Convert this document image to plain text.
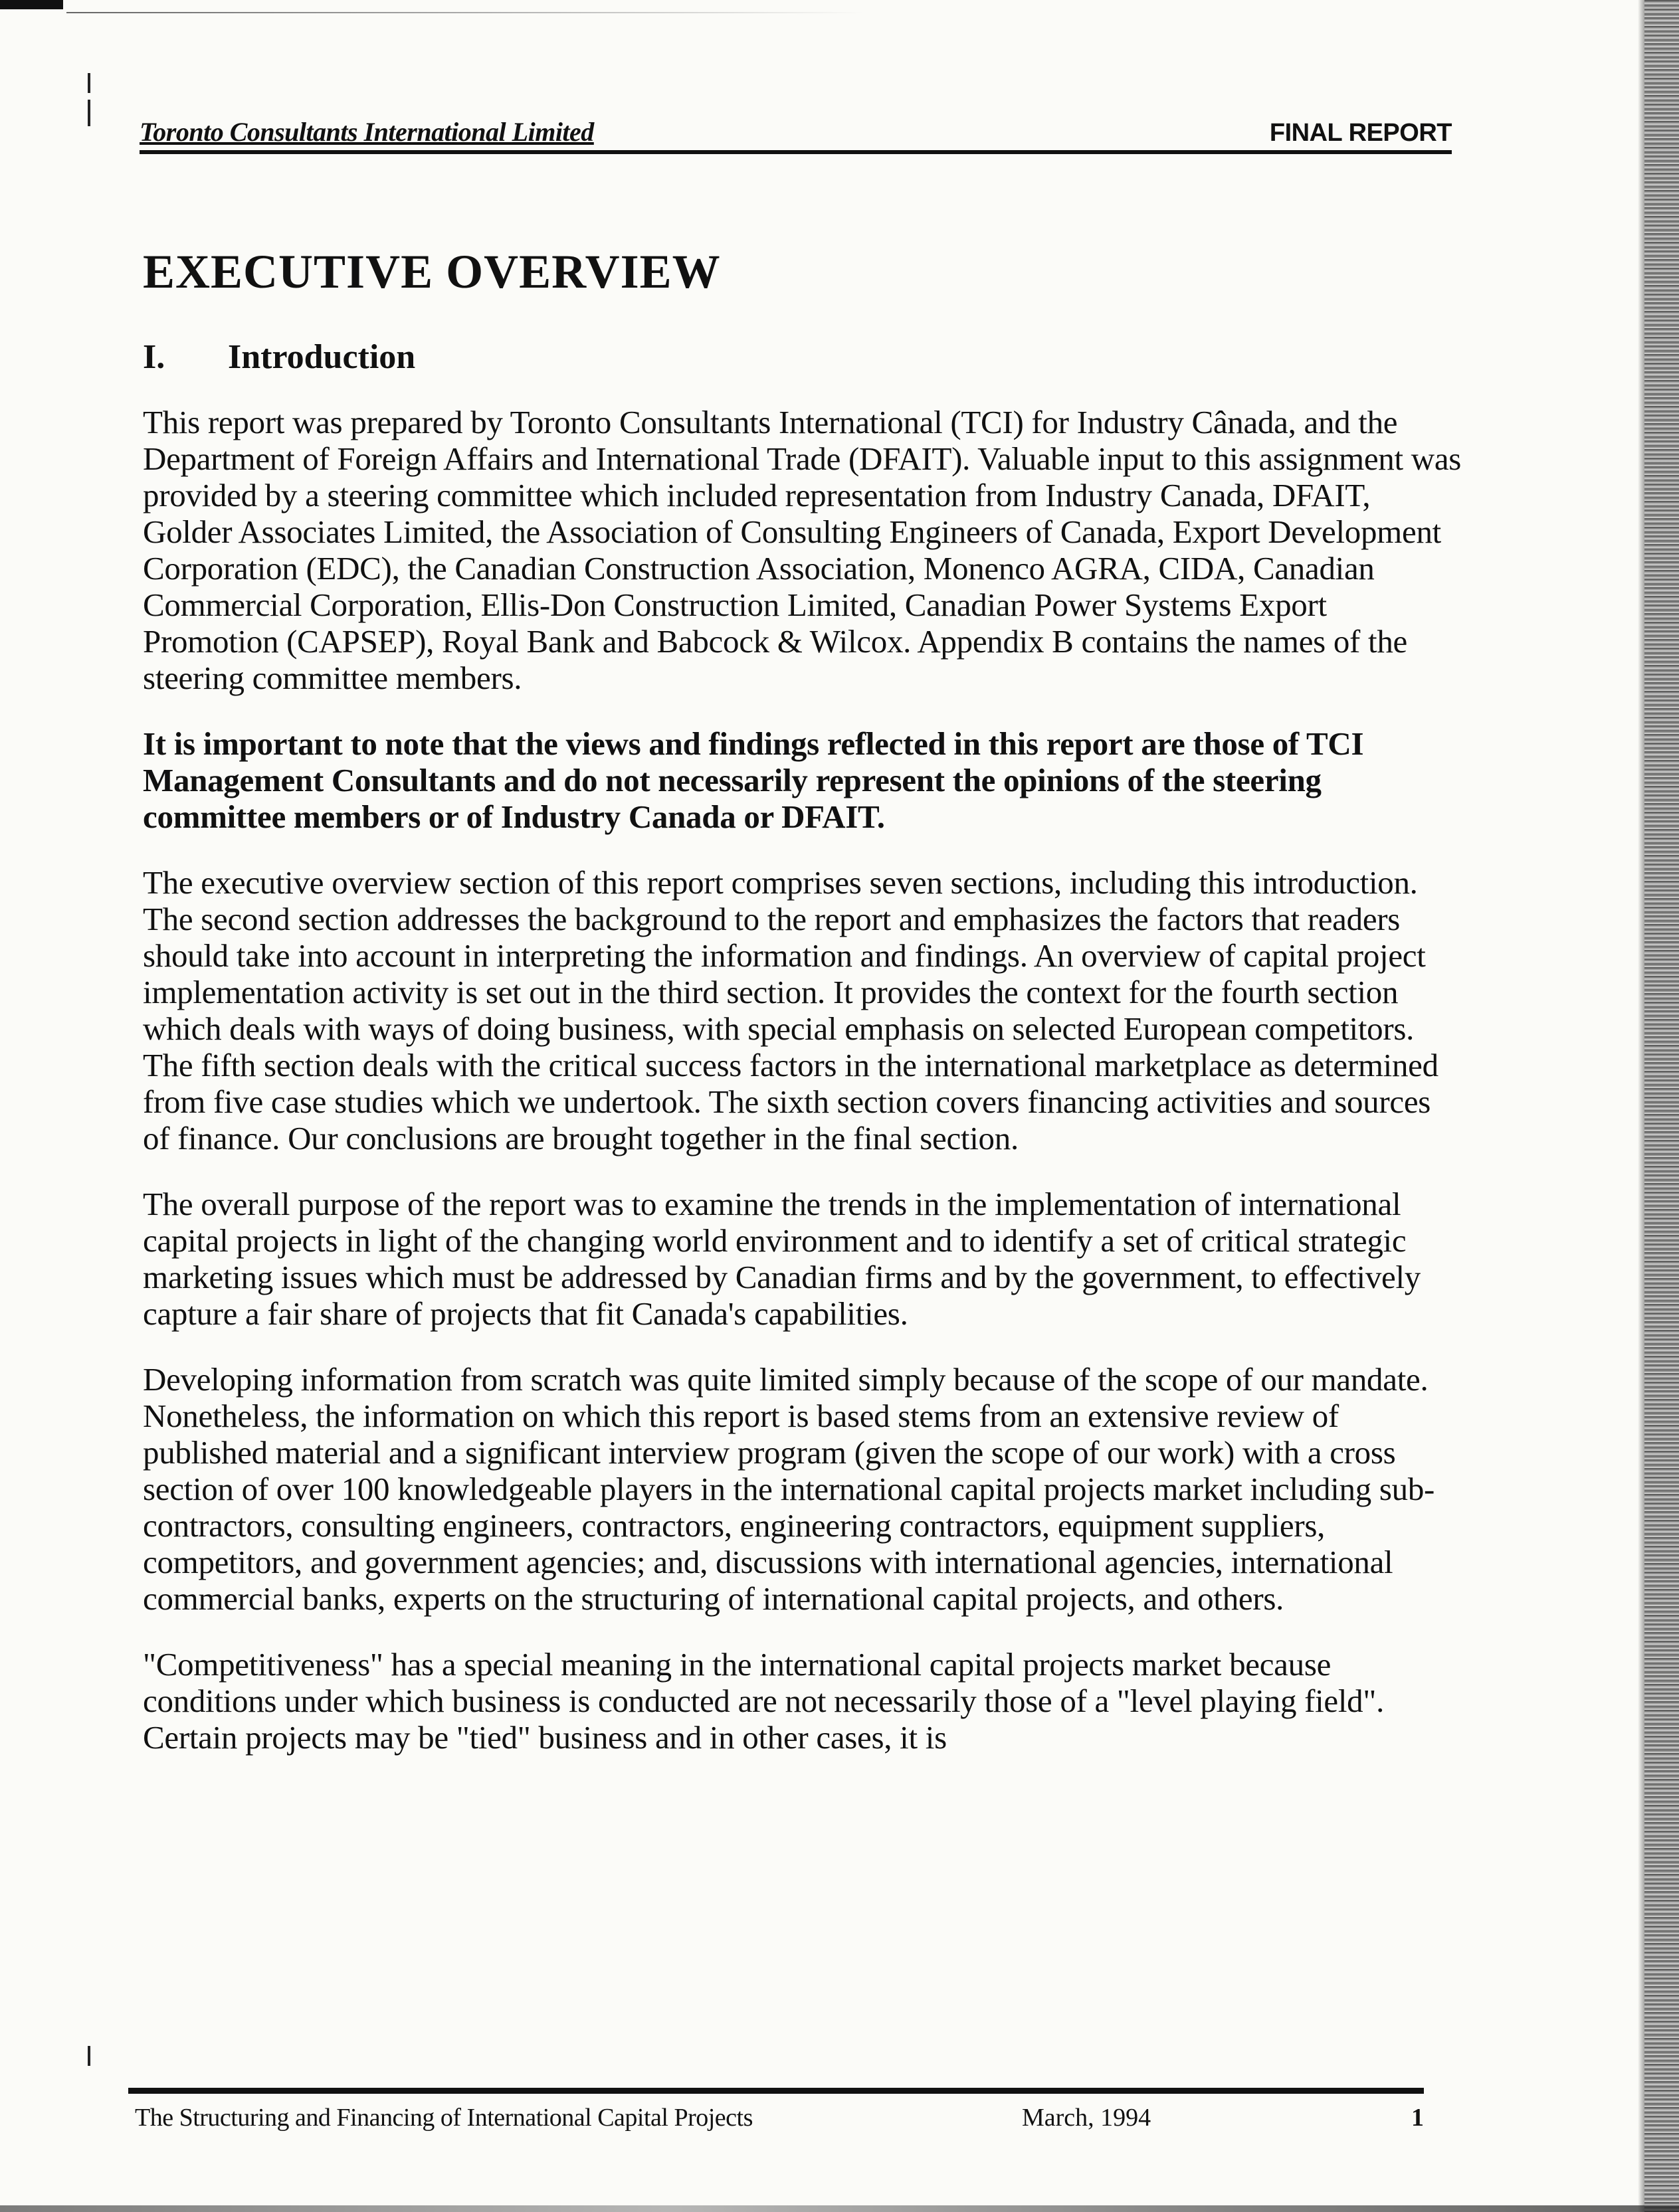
Toronto Consultants International Limited	FINAL REPORT
EXECUTIVE OVERVIEW
I. Introduction

This report was prepared by Toronto Consultants International (TCI) for Industry Cânada, and the Department of Foreign Affairs and International Trade (DFAIT). Valuable input to this assignment was provided by a steering committee which included representation from Industry Canada, DFAIT, Golder Associates Limited, the Association of Consulting Engineers of Canada, Export Development Corporation (EDC), the Canadian Construction Association, Monenco AGRA, CIDA, Canadian Commercial Corporation, Ellis-Don Construction Limited, Canadian Power Systems Export Promotion (CAPSEP), Royal Bank and Babcock & Wilcox. Appendix B contains the names of the steering committee members.

It is important to note that the views and findings reflected in this report are those of TCI Management Consultants and do not necessarily represent the opinions of the steering committee members or of Industry Canada or DFAIT.

The executive overview section of this report comprises seven sections, including this introduction. The second section addresses the background to the report and emphasizes the factors that readers should take into account in interpreting the information and findings. An overview of capital project implementation activity is set out in the third section. It provides the context for the fourth section which deals with ways of doing business, with special emphasis on selected European competitors. The fifth section deals with the critical success factors in the international marketplace as determined from five case studies which we undertook. The sixth section covers financing activities and sources of finance. Our conclusions are brought together in the final section.

The overall purpose of the report was to examine the trends in the implementation of international capital projects in light of the changing world environment and to identify a set of critical strategic marketing issues which must be addressed by Canadian firms and by the government, to effectively capture a fair share of projects that fit Canada's capabilities.

Developing information from scratch was quite limited simply because of the scope of our mandate. Nonetheless, the information on which this report is based stems from an extensive review of published material and a significant interview program (given the scope of our work) with a cross section of over 100 knowledgeable players in the international capital projects market including sub-contractors, consulting engineers, contractors, engineering contractors, equipment suppliers, competitors, and government agencies; and, discussions with international agencies, international commercial banks, experts on the structuring of international capital projects, and others.

"Competitiveness" has a special meaning in the international capital projects market because conditions under which business is conducted are not necessarily those of a "level playing field". Certain projects may be "tied" business and in other cases, it is

The Structuring and Financing of International Capital Projects	March, 1994	1
